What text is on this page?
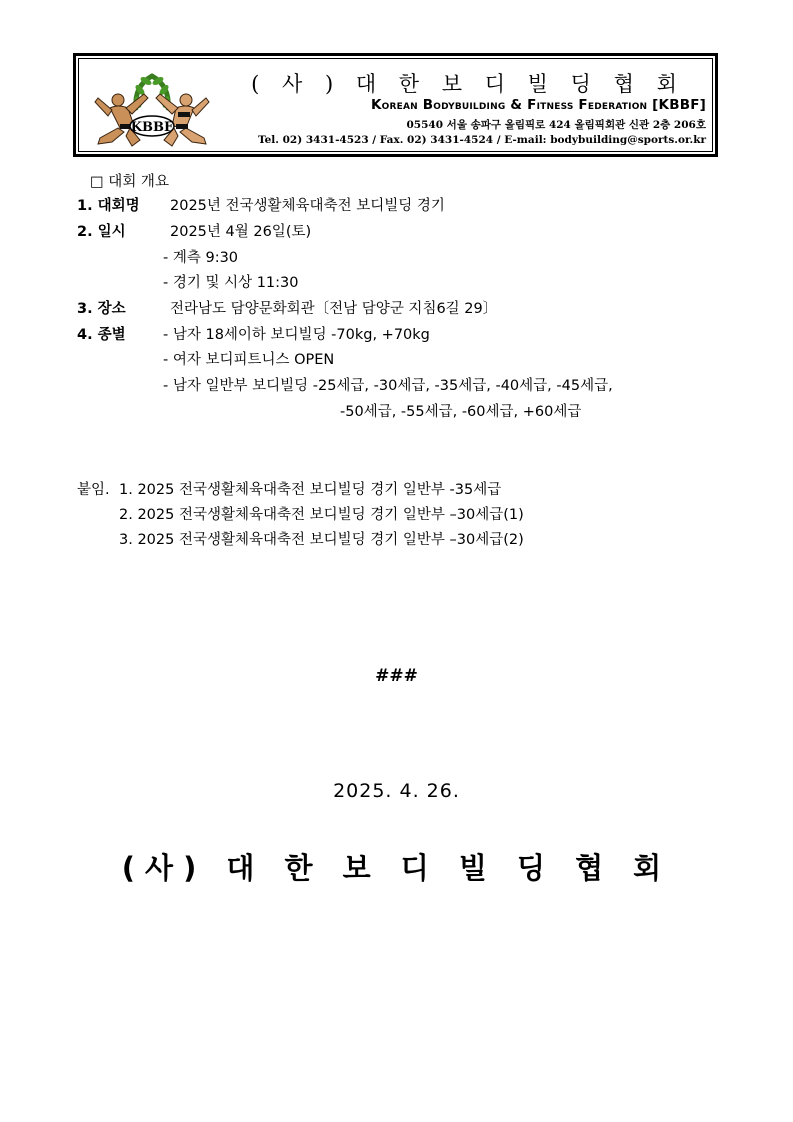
KBBF
( 사 ) 대 한 보 디 빌 딩 협 회
Korean Bodybuilding & Fitness Federation [KBBF]
05540 서울 송파구 올림픽로 424 올림픽회관 신관 2층 206호
Tel. 02) 3431-4523 / Fax. 02) 3431-4524 / E-mail: bodybuilding@sports.or.kr
□ 대회 개요
1. 대회명 2025년 전국생활체육대축전 보디빌딩 경기
2. 일시	2025년 4월 26일(토)
- 계측 9:30
- 경기 및 시상 11:30
3. 장소	전라남도 담양문화회관〔전남 담양군 지침6길 29〕
4. 종별	- 남자 18세이하 보디빌딩 -70kg, +70kg
- 여자 보디피트니스 OPEN
- 남자 일반부 보디빌딩 -25세급, -30세급, -35세급, -40세급, -45세급,
-50세급, -55세급, -60세급, +60세급
붙임. 1. 2025 전국생활체육대축전 보디빌딩 경기 일반부 -35세급
2. 2025 전국생활체육대축전 보디빌딩 경기 일반부 –30세급(1)
3. 2025 전국생활체육대축전 보디빌딩 경기 일반부 –30세급(2)
###
2025. 4. 26.
(사) 대 한 보 디 빌 딩 협 회
